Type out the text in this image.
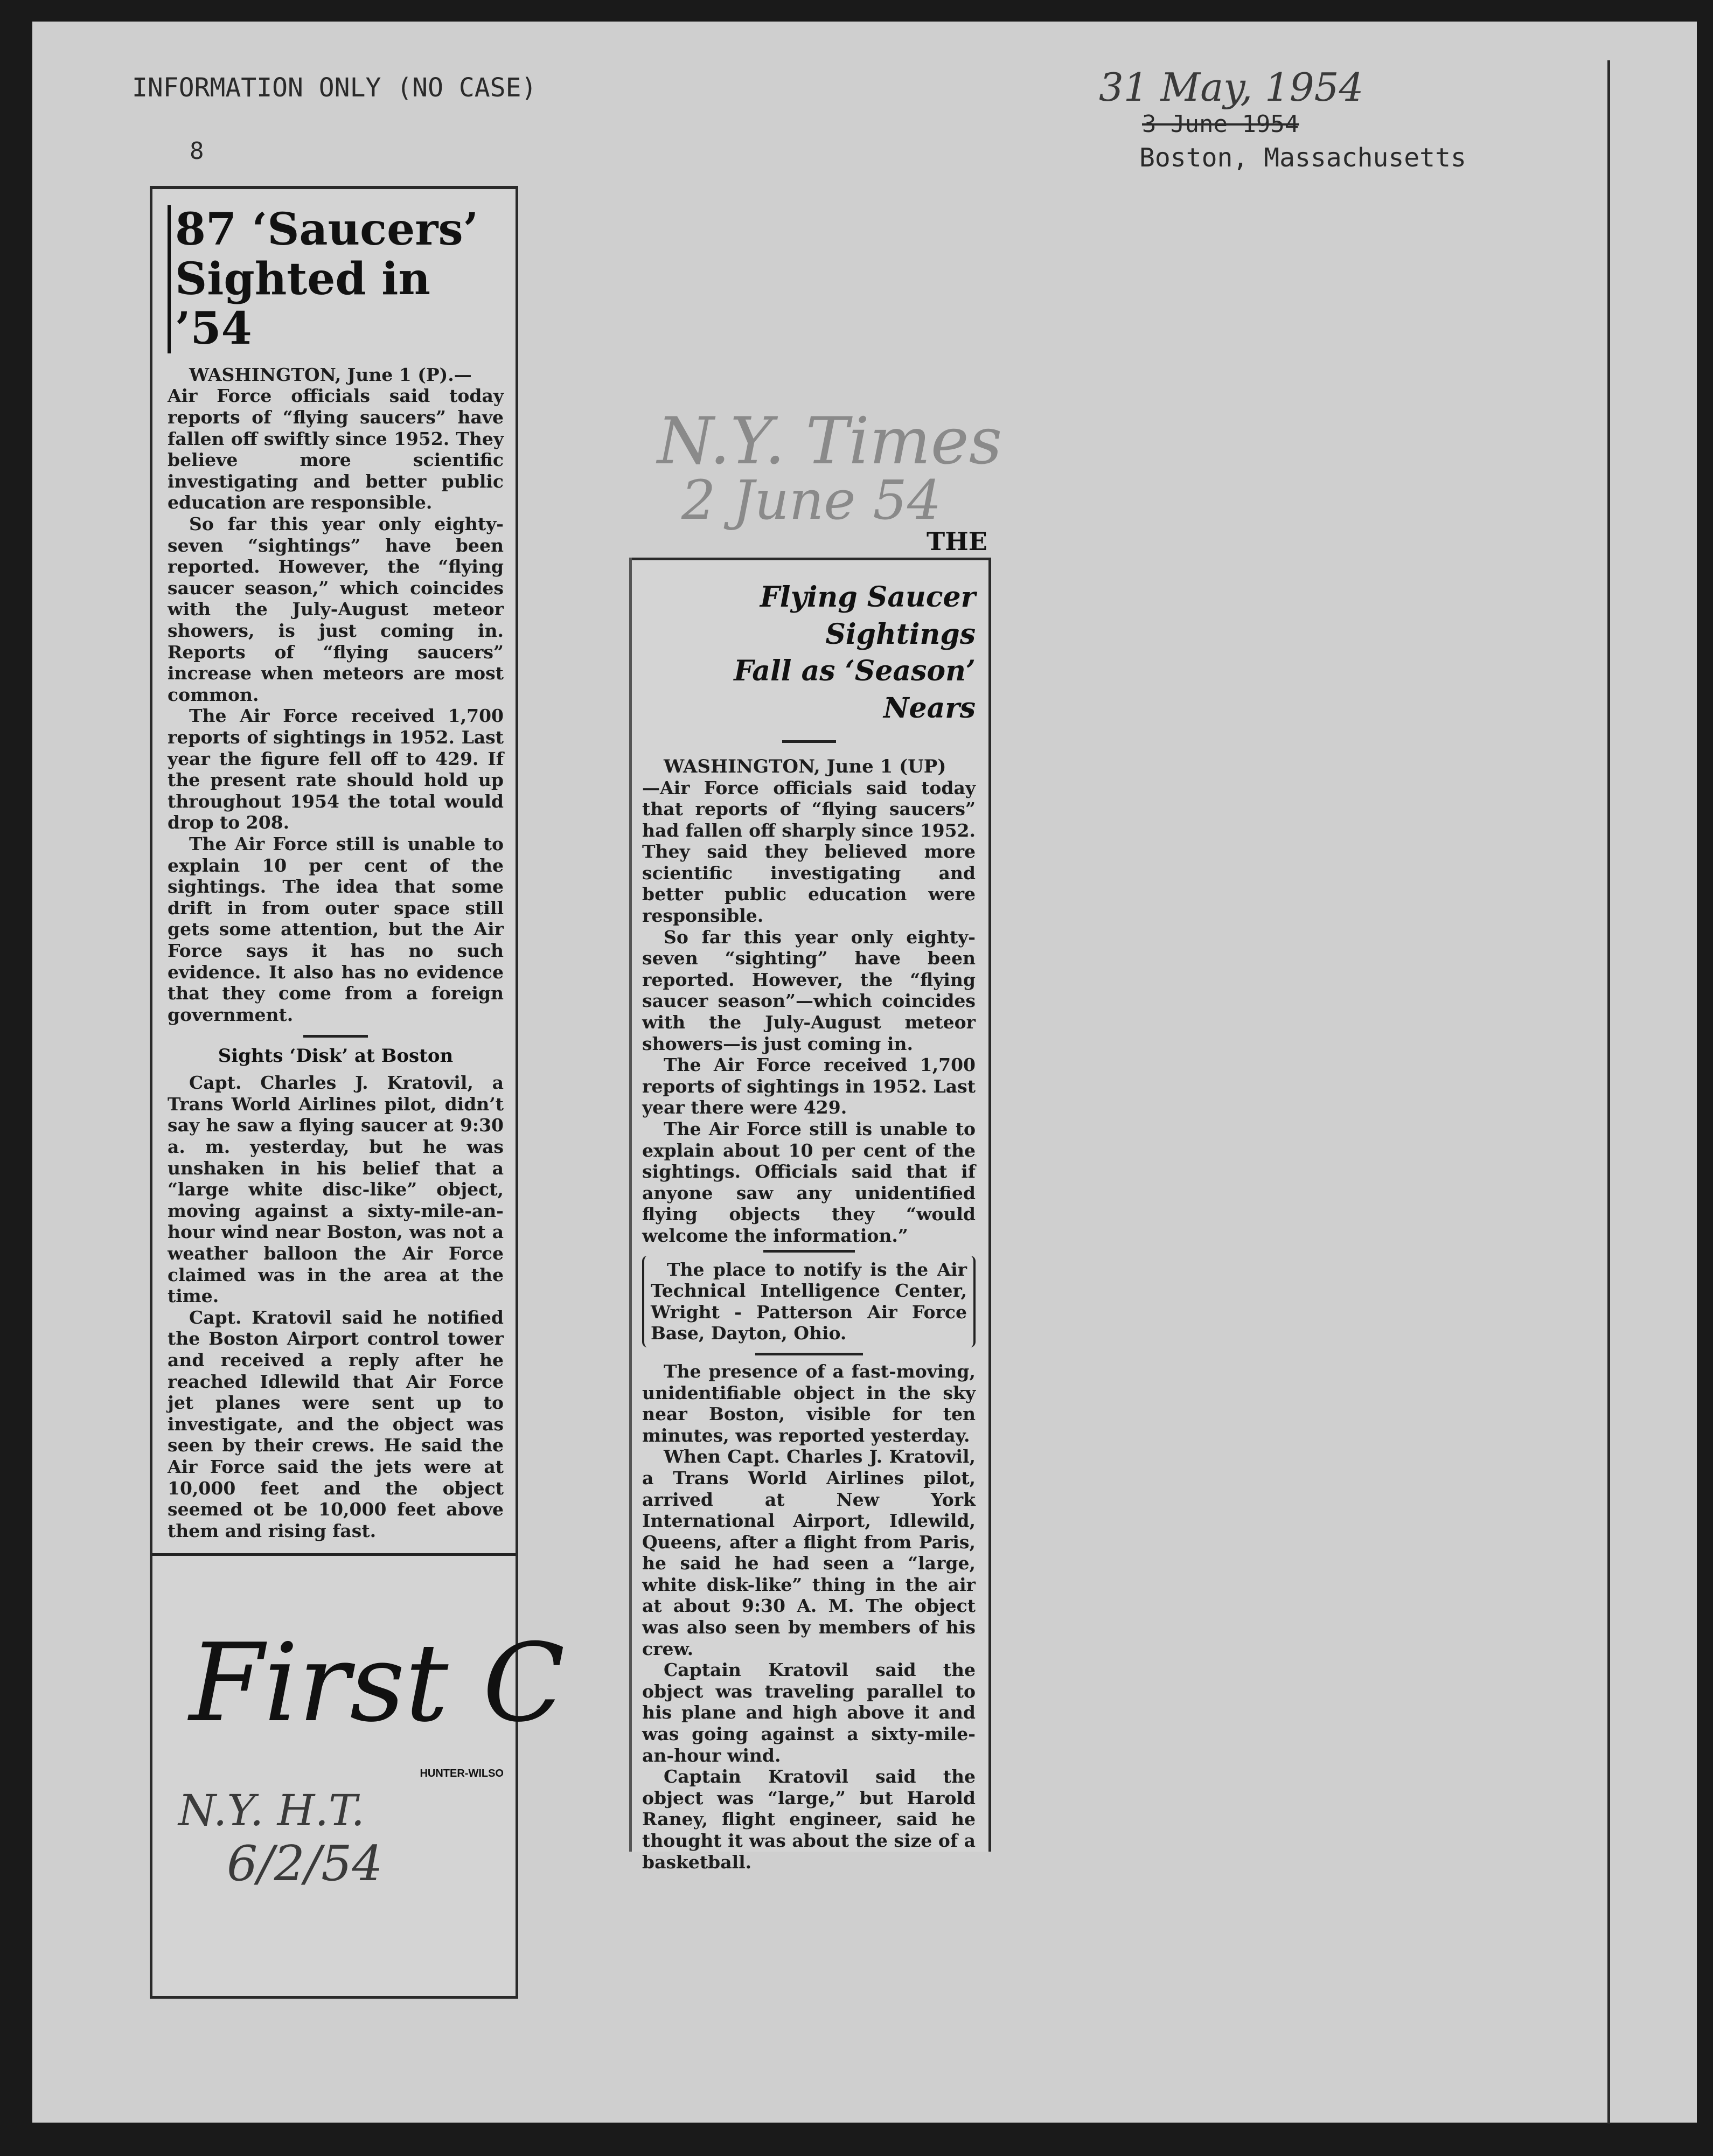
INFORMATION ONLY (NO CASE)
8
31 May, 1954
3 June 1954
Boston, Massachusetts
87 ‘Saucers’
Sighted in ’54
WASHINGTON, June 1 (P).—

Air Force officials said today reports of “flying saucers” have fallen off swiftly since 1952. They believe more scientific investigating and better public education are responsible.

So far this year only eighty-seven “sightings” have been reported. However, the “flying saucer season,” which coincides with the July-August meteor showers, is just coming in. Reports of “flying saucers” increase when meteors are most common.

The Air Force received 1,700 reports of sightings in 1952. Last year the figure fell off to 429. If the present rate should hold up throughout 1954 the total would drop to 208.

The Air Force still is unable to explain 10 per cent of the sightings. The idea that some drift in from outer space still gets some attention, but the Air Force says it has no such evidence. It also has no evidence that they come from a foreign government.

Sights ‘Disk’ at Boston

Capt. Charles J. Kratovil, a Trans World Airlines pilot, didn’t say he saw a flying saucer at 9:30 a. m. yesterday, but he was unshaken in his belief that a “large white disc-like” object, moving against a sixty-mile-an-hour wind near Boston, was not a weather balloon the Air Force claimed was in the area at the time.

Capt. Kratovil said he notified the Boston Airport control tower and received a reply after he reached Idlewild that Air Force jet planes were sent up to investigate, and the object was seen by their crews. He said the Air Force said the jets were at 10,000 feet and the object seemed ot be 10,000 feet above them and rising fast.

First C
HUNTER-WILSO
N.Y. H.T.
6/2/54
N.Y. Times
2 June 54
THE
Flying Saucer Sightings
Fall as ‘Season’ Nears
WASHINGTON, June 1 (UP)

—Air Force officials said today that reports of “flying saucers” had fallen off sharply since 1952. They said they believed more scientific investigating and better public education were responsible.

So far this year only eighty-seven “sighting” have been reported. However, the “flying saucer season”—which coincides with the July-August meteor showers—is just coming in.

The Air Force received 1,700 reports of sightings in 1952. Last year there were 429.

The Air Force still is unable to explain about 10 per cent of the sightings. Officials said that if anyone saw any unidentified flying objects they “would welcome the information.”

The place to notify is the Air Technical Intelligence Center, Wright - Patterson Air Force Base, Dayton, Ohio.

The presence of a fast-moving, unidentifiable object in the sky near Boston, visible for ten minutes, was reported yesterday.

When Capt. Charles J. Kratovil, a Trans World Airlines pilot, arrived at New York International Airport, Idlewild, Queens, after a flight from Paris, he said he had seen a “large, white disk-like” thing in the air at about 9:30 A. M. The object was also seen by members of his crew.

Captain Kratovil said the object was traveling parallel to his plane and high above it and was going against a sixty-mile-an-hour wind.

Captain Kratovil said the object was “large,” but Harold Raney, flight engineer, said he thought it was about the size of a basketball.
